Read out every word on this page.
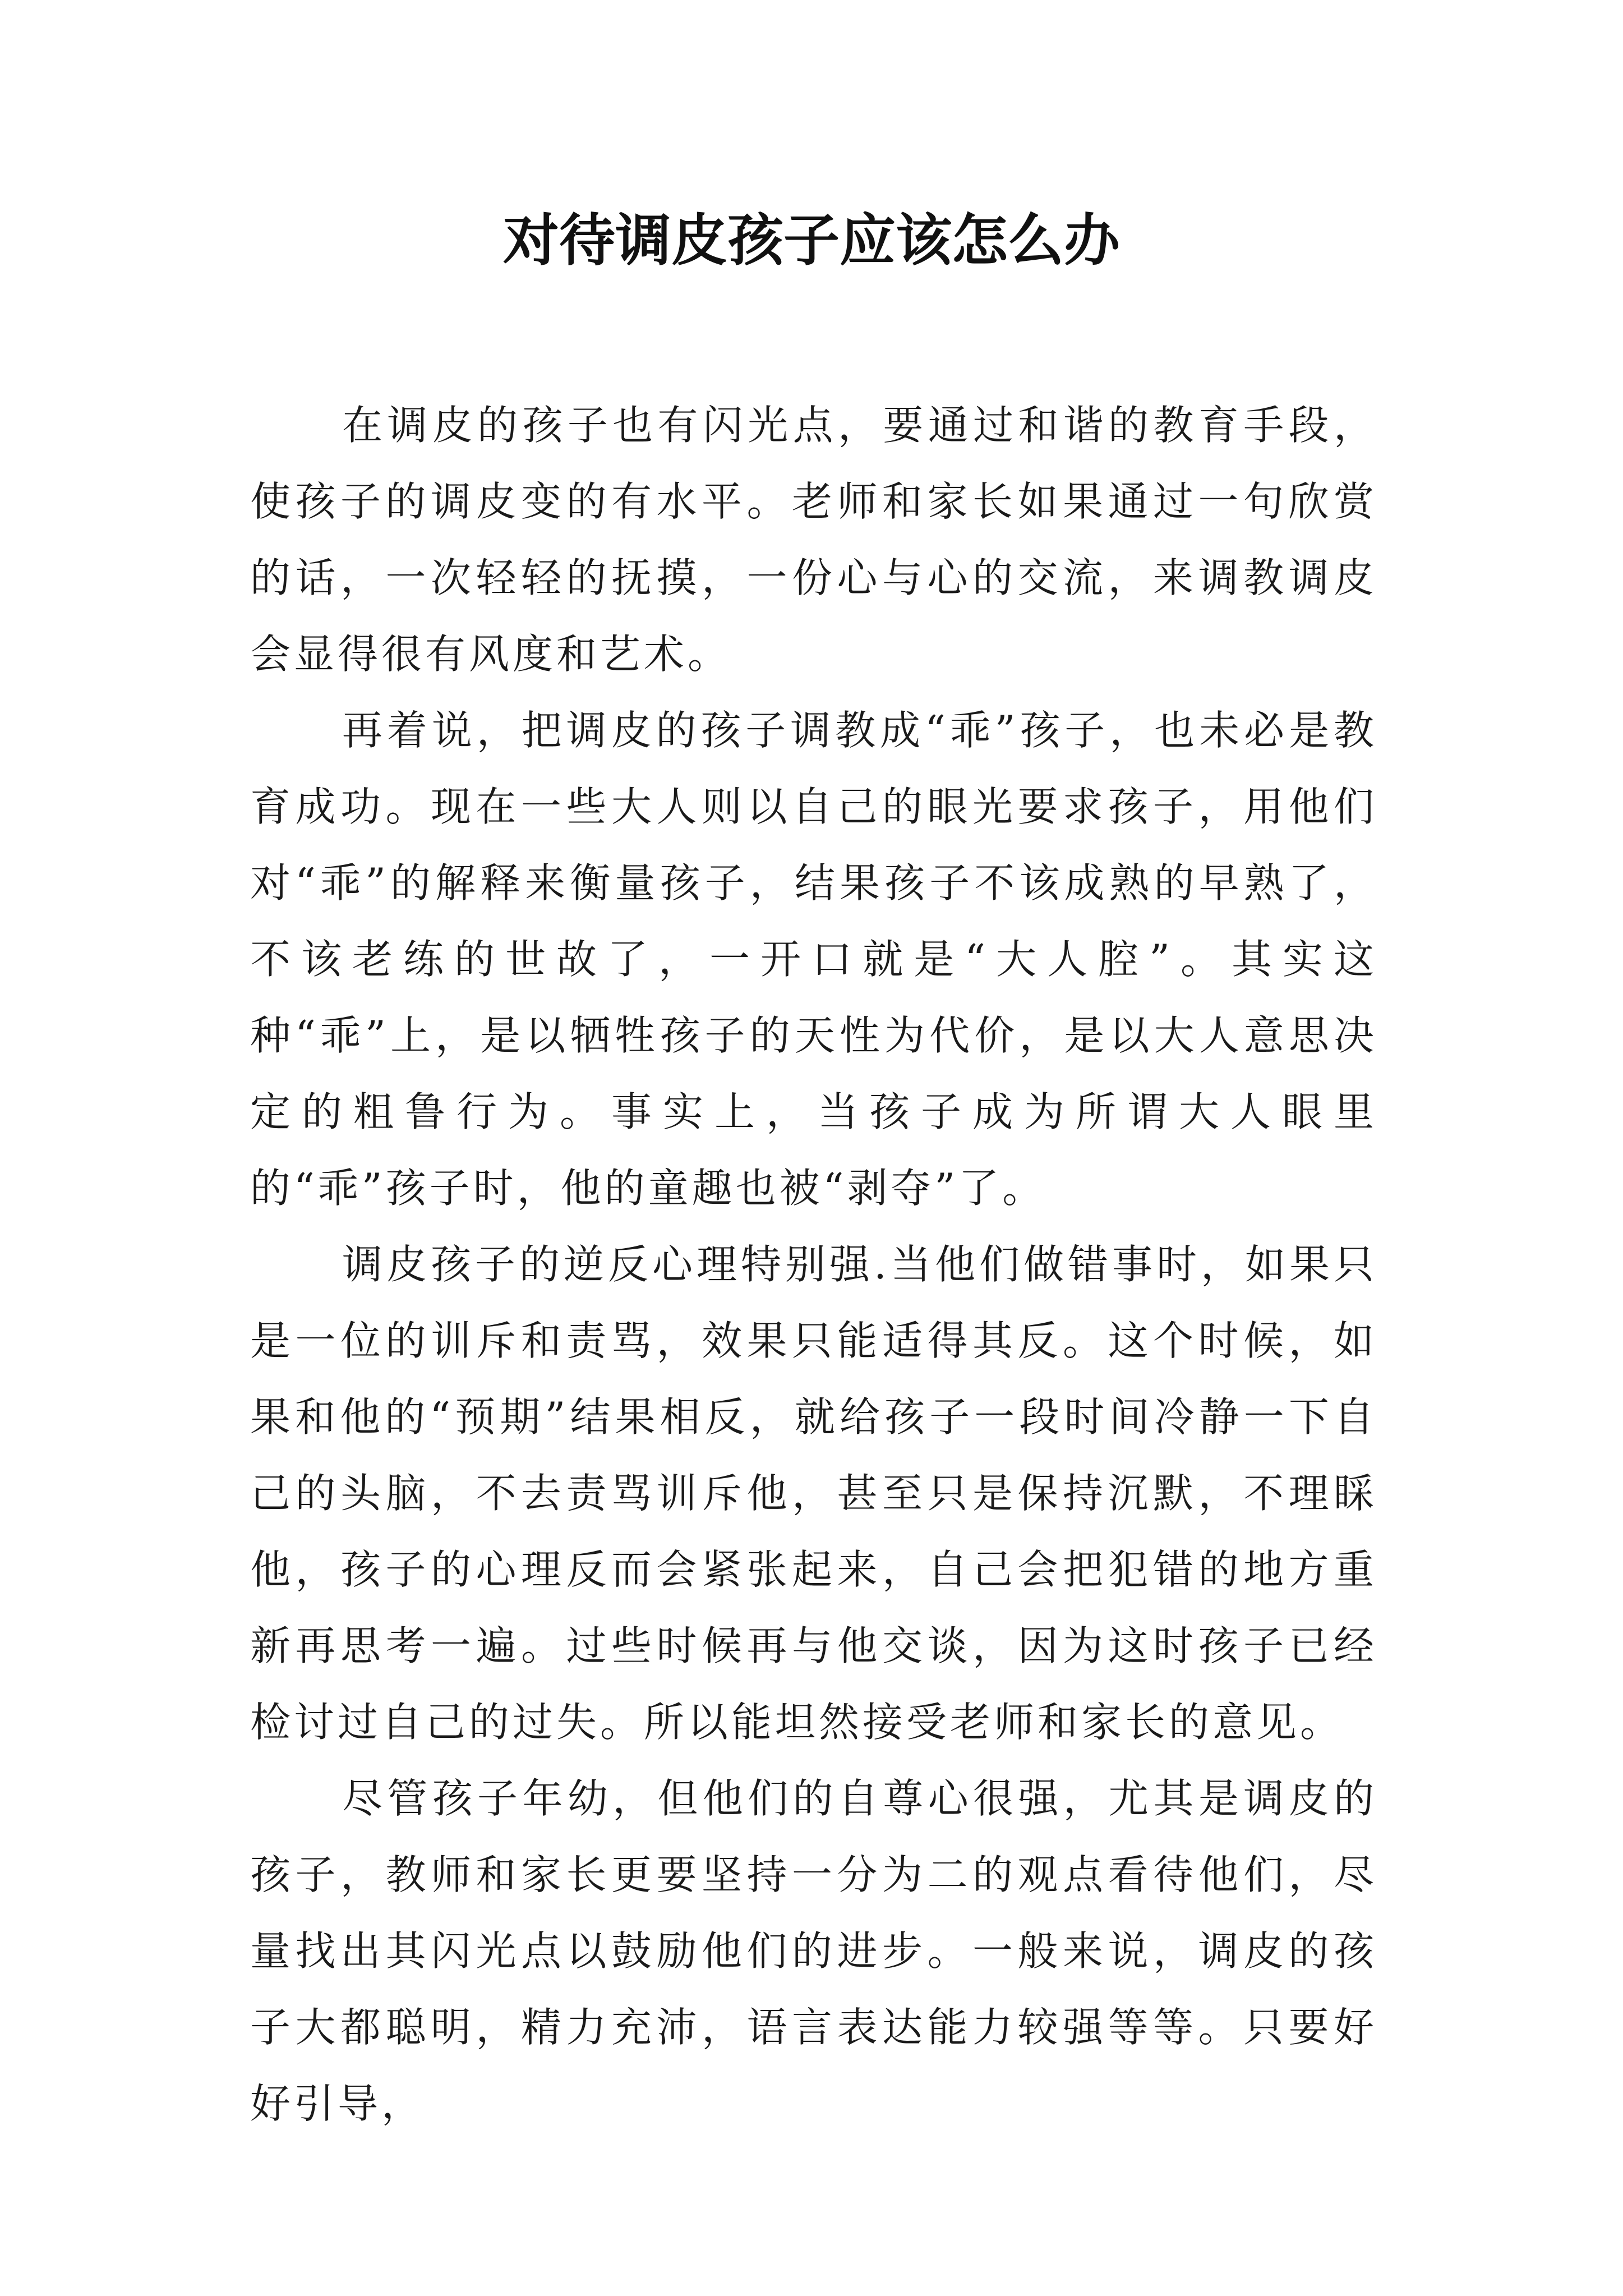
对待调皮孩子应该怎么办

在调皮的孩子也有闪光点，要通过和谐的教育手段，使孩子的调皮变的有水平。老师和家长如果通过一句欣赏的话，一次轻轻的抚摸，一份心与心的交流，来调教调皮会显得很有风度和艺术。

再着说，把调皮的孩子调教成“乖”孩子，也未必是教育成功。现在一些大人则以自己的眼光要求孩子，用他们对“乖”的解释来衡量孩子，结果孩子不该成熟的早熟了，不该老练的世故了，一开口就是“大人腔”。其实这种“乖”上，是以牺牲孩子的天性为代价，是以大人意思决定的粗鲁行为。事实上，当孩子成为所谓大人眼里的“乖”孩子时，他的童趣也被“剥夺”了。

调皮孩子的逆反心理特别强.当他们做错事时，如果只是一位的训斥和责骂，效果只能适得其反。这个时候，如果和他的“预期”结果相反，就给孩子一段时间冷静一下自己的头脑，不去责骂训斥他，甚至只是保持沉默，不理睬他，孩子的心理反而会紧张起来，自己会把犯错的地方重新再思考一遍。过些时候再与他交谈，因为这时孩子已经检讨过自己的过失。所以能坦然接受老师和家长的意见。

尽管孩子年幼，但他们的自尊心很强，尤其是调皮的孩子，教师和家长更要坚持一分为二的观点看待他们，尽量找出其闪光点以鼓励他们的进步。一般来说，调皮的孩子大都聪明，精力充沛，语言表达能力较强等等。只要好好引导，
